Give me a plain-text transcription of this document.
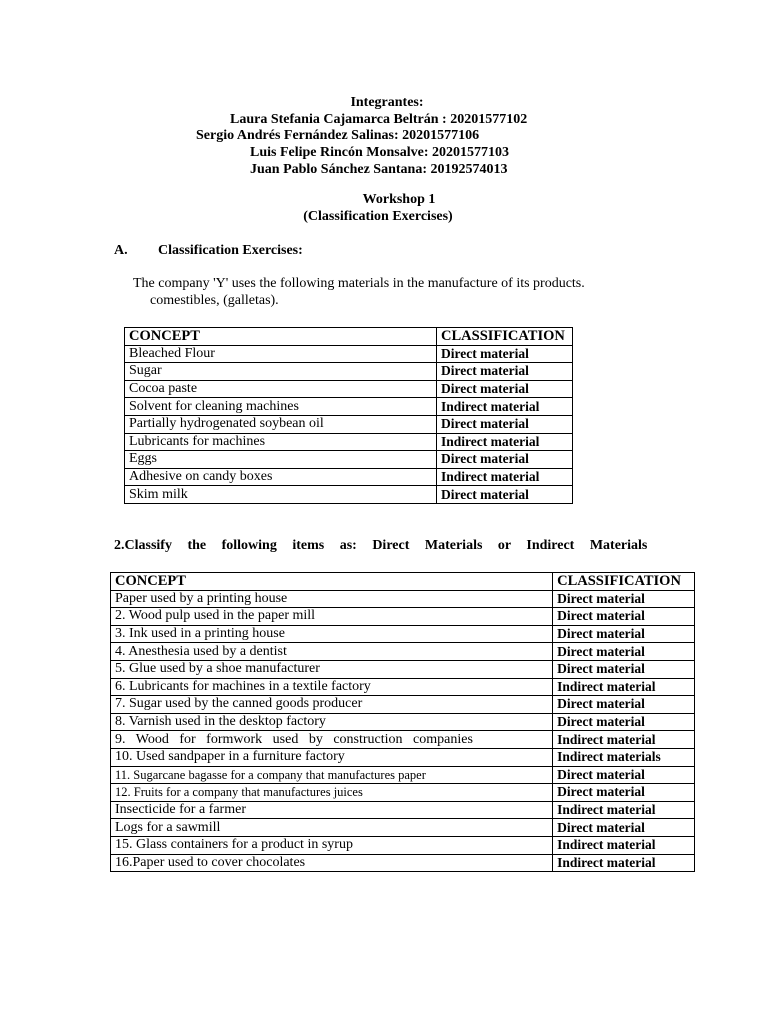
Integrantes:
Laura Stefania Cajamarca Beltrán : 20201577102
Sergio Andrés Fernández Salinas: 20201577106
Luis Felipe Rincón Monsalve: 20201577103
Juan Pablo Sánchez Santana: 20192574013
Workshop 1
(Classification Exercises)
A. Classification Exercises:
The company 'Y' uses the following materials in the manufacture of its products.
comestibles, (galletas).
CONCEPT	CLASSIFICATION
Bleached Flour	Direct material
Sugar	Direct material
Cocoa paste	Direct material
Solvent for cleaning machines	Indirect material
Partially hydrogenated soybean oil	Direct material
Lubricants for machines	Indirect material
Eggs	Direct material
Adhesive on candy boxes	Indirect material
Skim milk	Direct material
2.Classify the following items as: Direct Materials or Indirect Materials
CONCEPT	CLASSIFICATION
Paper used by a printing house	Direct material
2. Wood pulp used in the paper mill	Direct material
3. Ink used in a printing house	Direct material
4. Anesthesia used by a dentist	Direct material
5. Glue used by a shoe manufacturer	Direct material
6. Lubricants for machines in a textile factory	Indirect material
7. Sugar used by the canned goods producer	Direct material
8. Varnish used in the desktop factory	Direct material
9. Wood for formwork used by construction companies	Indirect material
10. Used sandpaper in a furniture factory	Indirect materials
11. Sugarcane bagasse for a company that manufactures paper	Direct material
12. Fruits for a company that manufactures juices	Direct material
Insecticide for a farmer	Indirect material
Logs for a sawmill	Direct material
15. Glass containers for a product in syrup	Indirect material
16.Paper used to cover chocolates	Indirect material
